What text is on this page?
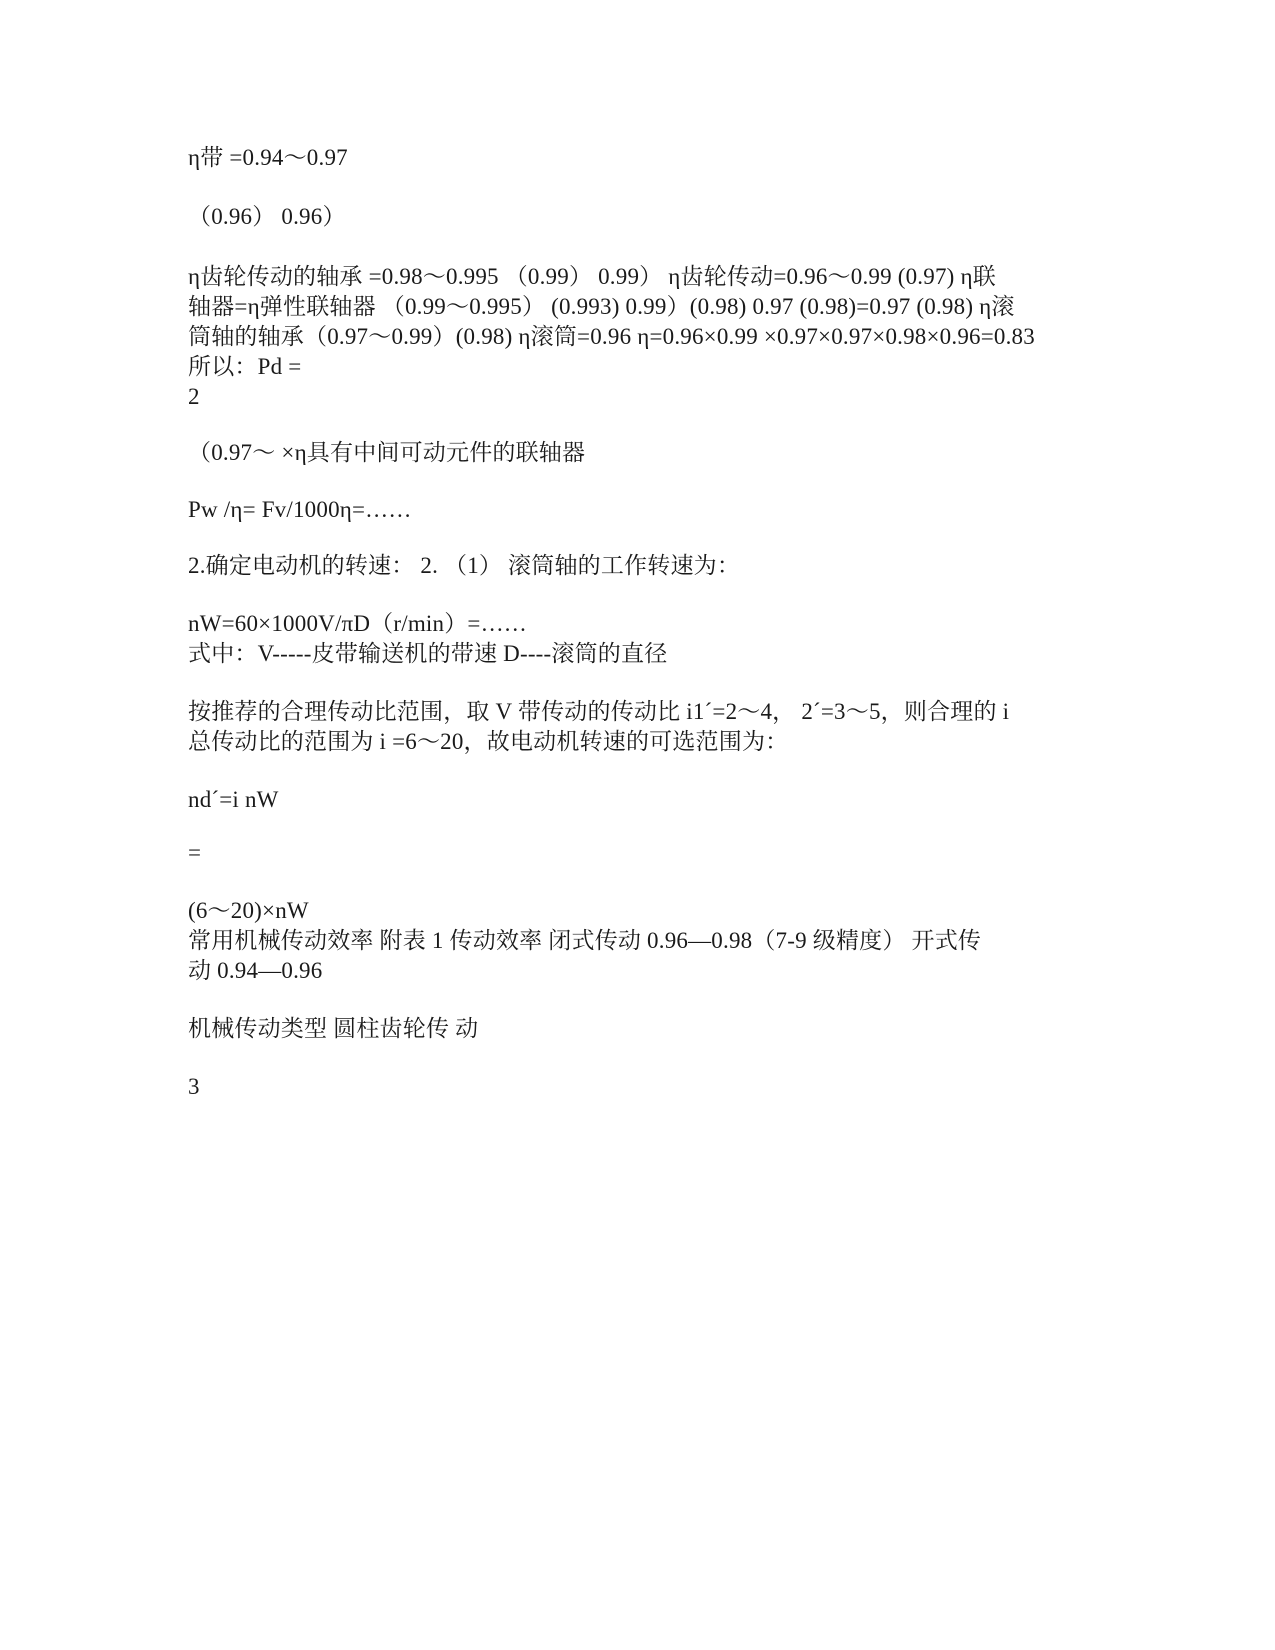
η带 =0.94～0.97
（0.96） 0.96）
η齿轮传动的轴承 =0.98～0.995 （0.99） 0.99） η齿轮传动=0.96～0.99 (0.97) η联
轴器=η弹性联轴器 （0.99～0.995） (0.993) 0.99）(0.98) 0.97 (0.98)=0.97 (0.98) η滚
筒轴的轴承（0.97～0.99）(0.98) η滚筒=0.96 η=0.96×0.99 ×0.97×0.97×0.98×0.96=0.83
所以：Pd =
2
（0.97～ ×η具有中间可动元件的联轴器
Pw /η= Fv/1000η=……
2.确定电动机的转速： 2. （1） 滚筒轴的工作转速为：
nW=60×1000V/πD（r/min）=……
式中：V-----皮带输送机的带速 D----滚筒的直径
按推荐的合理传动比范围，取 V 带传动的传动比 i1´=2～4， 2´=3～5，则合理的 i
总传动比的范围为 i =6～20，故电动机转速的可选范围为：
nd´=i nW
=
(6～20)×nW
常用机械传动效率 附表 1 传动效率 闭式传动 0.96—0.98（7-9 级精度） 开式传
动 0.94—0.96
机械传动类型 圆柱齿轮传 动
3
